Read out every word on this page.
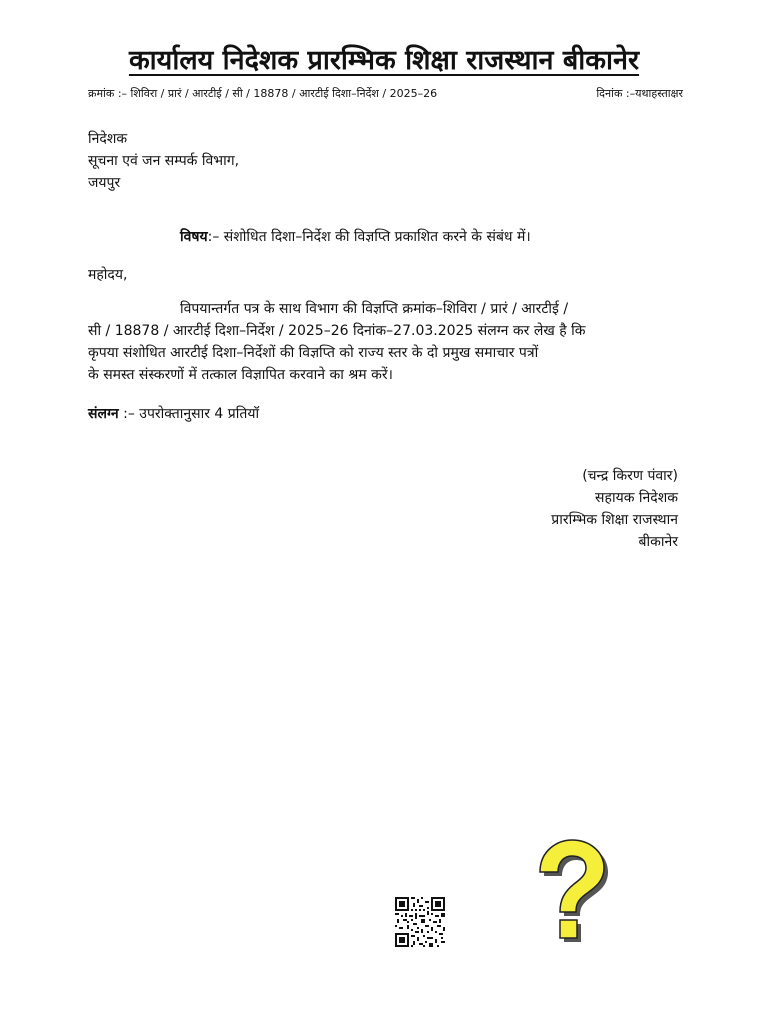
कार्यालय निदेशक प्रारम्भिक शिक्षा राजस्थान बीकानेर
क्रमांक :– शिविरा / प्रारं / आरटीई / सी / 18878 / आरटीई दिशा–निर्देश / 2025–26	दिनांक :–यथाहस्ताक्षर
निदेशक
सूचना एवं जन सम्पर्क विभाग,
जयपुर
विषय:– संशोधित दिशा–निर्देश की विज्ञप्ति प्रकाशित करने के संबंध में।
महोदय,
विपयान्तर्गत पत्र के साथ विभाग की विज्ञप्ति क्रमांक–शिविरा / प्रारं / आरटीई /
सी / 18878 / आरटीई दिशा–निर्देश / 2025–26 दिनांक–27.03.2025 संलग्न कर लेख है कि
कृपया संशोधित आरटीई दिशा–निर्देशों की विज्ञप्ति को राज्य स्तर के दो प्रमुख समाचार पत्रों
के समस्त संस्करणों में तत्काल विज्ञापित करवाने का श्रम करें।
संलग्न :– उपरोक्तानुसार 4 प्रतियॉ
(चन्द्र किरण पंवार)
सहायक निदेशक
प्रारम्भिक शिक्षा राजस्थान
बीकानेर
